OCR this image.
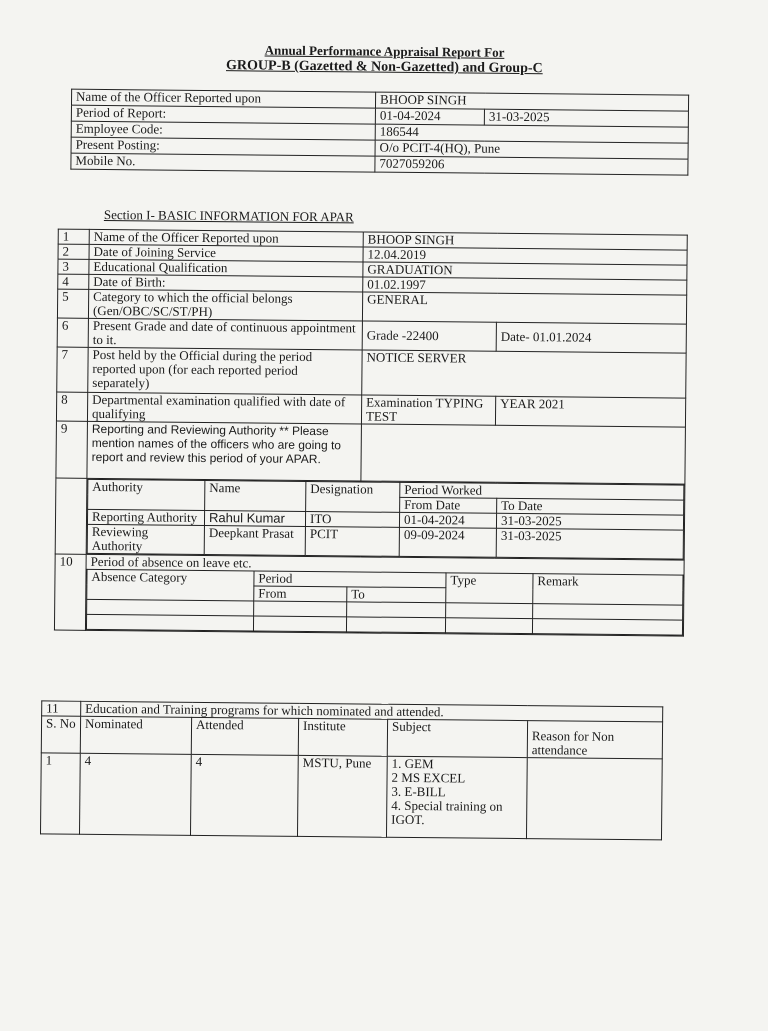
Annual Performance Appraisal Report For
GROUP-B (Gazetted & Non-Gazetted) and Group-C
Name of the Officer Reported upon	BHOOP SINGH	
Period of Report:	01-04-2024	31-03-2025
Employee Code:	186544	
Present Posting:	O/o PCIT-4(HQ), Pune	
Mobile No.	7027059206	
Section I- BASIC INFORMATION FOR APAR
1	Name of the Officer Reported upon	BHOOP SINGH
2	Date of Joining Service	12.04.2019
3	Educational Qualification	GRADUATION
4	Date of Birth:	01.02.1997
5	Category to which the official belongs (Gen/OBC/SC/ST/PH)	GENERAL
6	Present Grade and date of continuous appointment to it.	Grade -22400	Date- 01.01.2024
7	Post held by the Official during the period reported upon (for each reported period separately)	NOTICE SERVER
8	Departmental examination qualified with date of qualifying	Examination TYPING TEST	YEAR 2021
9	Reporting and Reviewing Authority ** Please mention names of the officers who are going to report and review this period of your APAR.	

Authority	Name	Designation	Period Worked
From Date	To Date
Reporting Authority	Rahul Kumar	ITO	01-04-2024	31-03-2025
Reviewing Authority	Deepkant Prasat	PCIT	09-09-2024	31-03-2025

10	Period of absence on leave etc.
Absence Category	Period	Type	Remark
From	To

11	Education and Training programs for which nominated and attended.				
S. No	Nominated	Attended	Institute	Subject	Reason for Non attendance
1	4	4	MSTU, Pune	1. GEM
2 MS EXCEL
3. E-BILL
4. Special training on IGOT.	
